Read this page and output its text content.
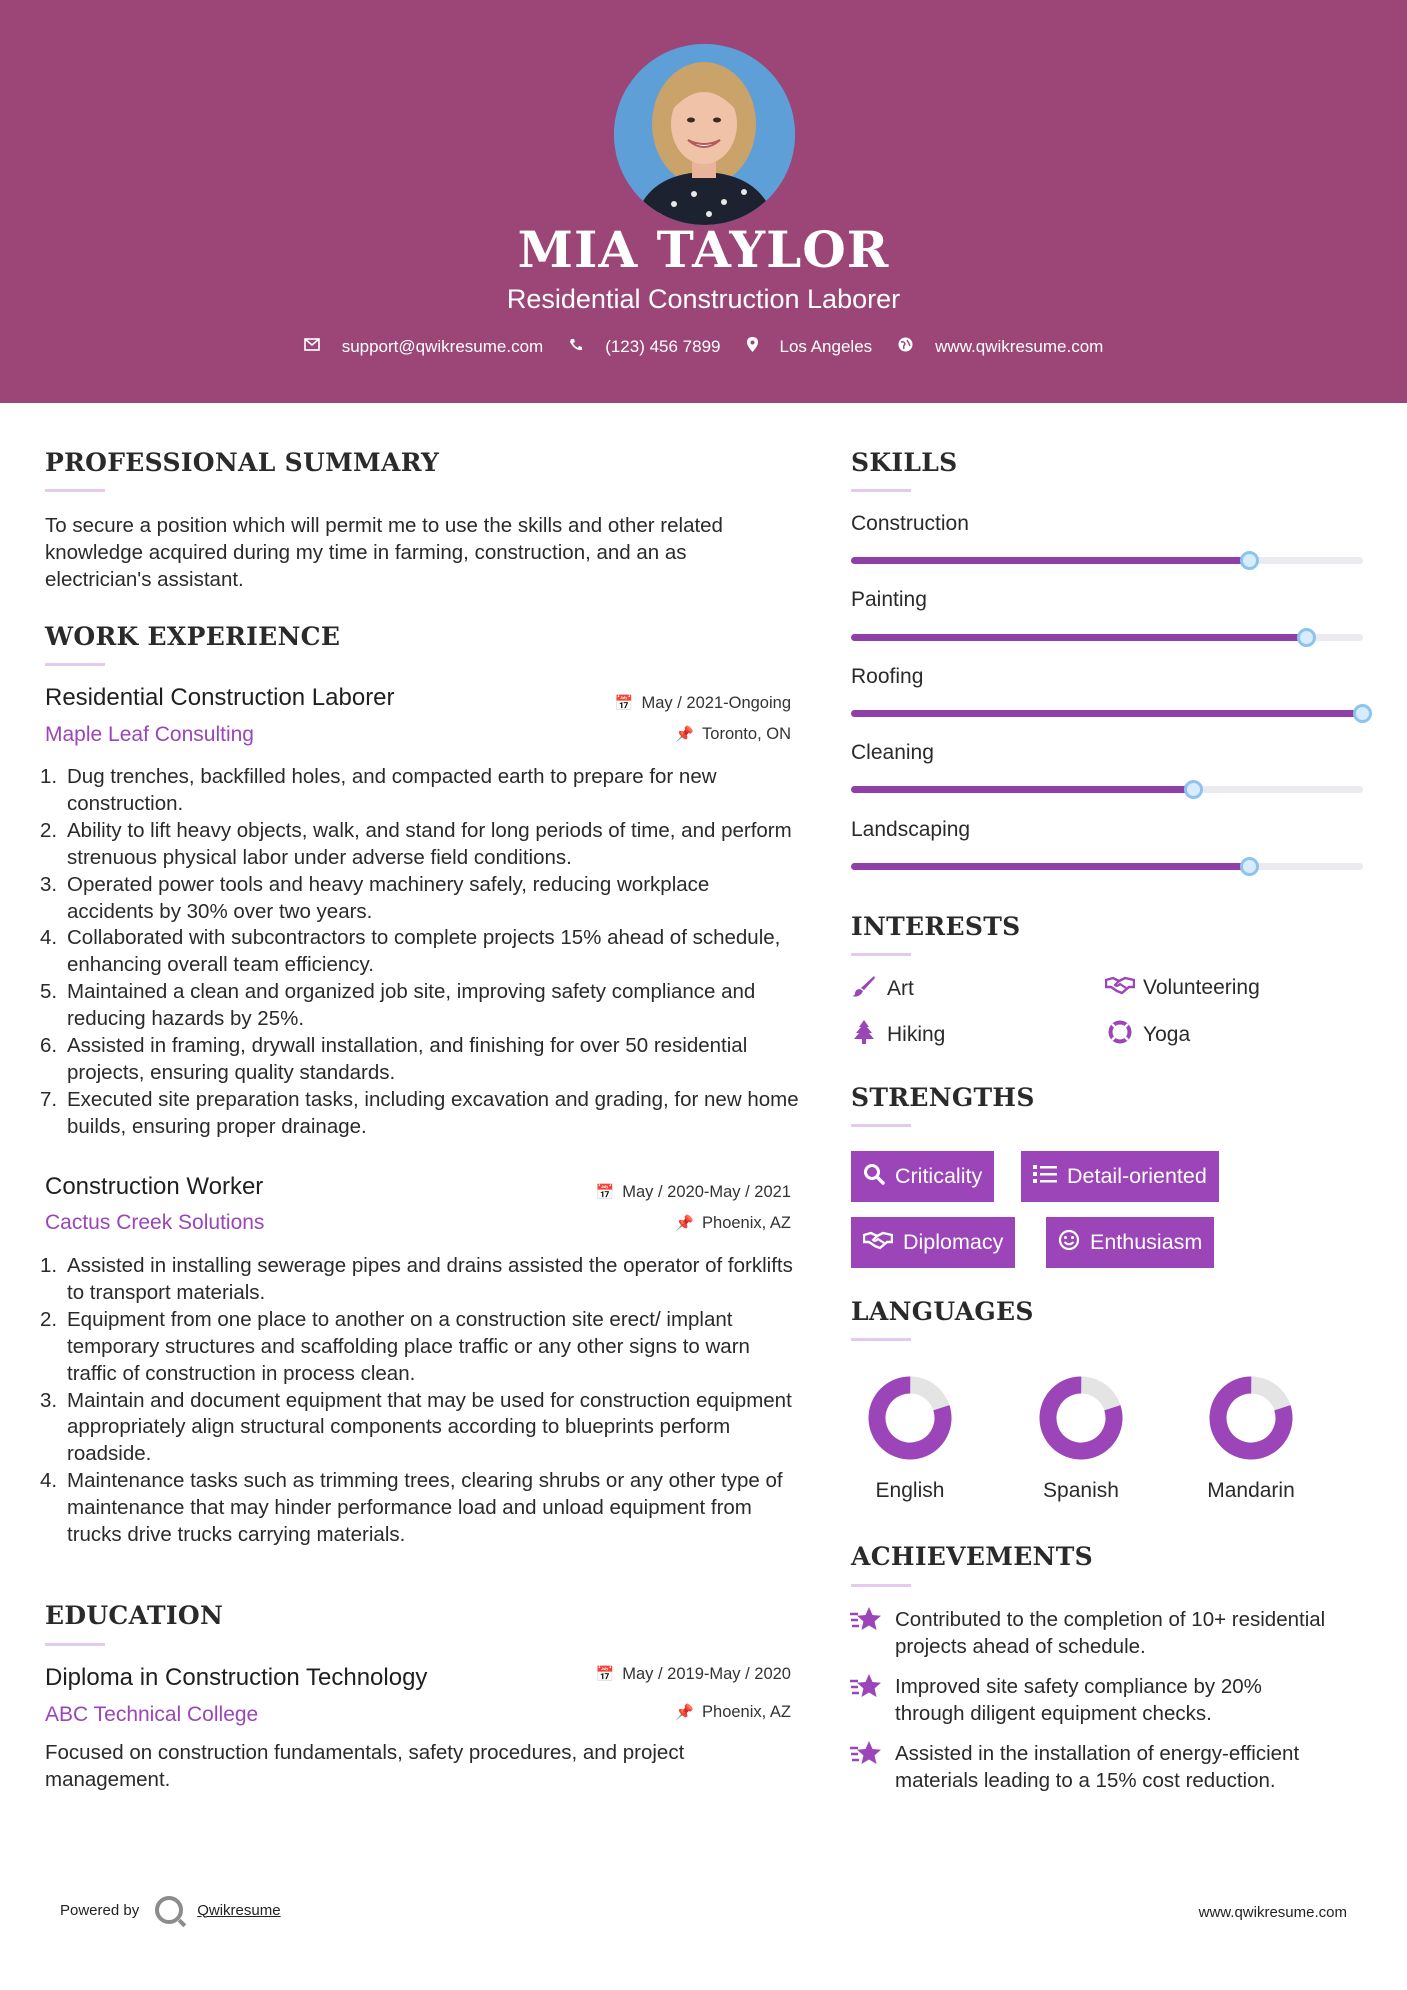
MIA TAYLOR
Residential Construction Laborer
support@qwikresume.com	(123) 456 7899	Los Angeles	www.qwikresume.com
PROFESSIONAL SUMMARY
To secure a position which will permit me to use the skills and other related knowledge acquired during my time in farming, construction, and an as electrician's assistant.
WORK EXPERIENCE
Residential Construction Laborer
Maple Leaf Consulting
📅 May / 2021-Ongoing
📌 Toronto, ON
1. Dug trenches, backfilled holes, and compacted earth to prepare for new construction.
2. Ability to lift heavy objects, walk, and stand for long periods of time, and perform strenuous physical labor under adverse field conditions.
3. Operated power tools and heavy machinery safely, reducing workplace accidents by 30% over two years.
4. Collaborated with subcontractors to complete projects 15% ahead of schedule, enhancing overall team efficiency.
5. Maintained a clean and organized job site, improving safety compliance and reducing hazards by 25%.
6. Assisted in framing, drywall installation, and finishing for over 50 residential projects, ensuring quality standards.
7. Executed site preparation tasks, including excavation and grading, for new home builds, ensuring proper drainage.
Construction Worker
Cactus Creek Solutions
📅 May / 2020-May / 2021
📌 Phoenix, AZ
1. Assisted in installing sewerage pipes and drains assisted the operator of forklifts to transport materials.
2. Equipment from one place to another on a construction site erect/ implant temporary structures and scaffolding place traffic or any other signs to warn traffic of construction in process clean.
3. Maintain and document equipment that may be used for construction equipment appropriately align structural components according to blueprints perform roadside.
4. Maintenance tasks such as trimming trees, clearing shrubs or any other type of maintenance that may hinder performance load and unload equipment from trucks drive trucks carrying materials.
EDUCATION
Diploma in Construction Technology
ABC Technical College
📅 May / 2019-May / 2020
📌 Phoenix, AZ
Focused on construction fundamentals, safety procedures, and project management.
SKILLS
Construction
Painting
Roofing
Cleaning
Landscaping
INTERESTS
Art	Volunteering
Hiking	Yoga
STRENGTHS
Criticality	Detail-oriented
Diplomacy	Enthusiasm
LANGUAGES
English	Spanish	Mandarin
ACHIEVEMENTS
Contributed to the completion of 10+ residential projects ahead of schedule.
Improved site safety compliance by 20% through diligent equipment checks.
Assisted in the installation of energy-efficient materials leading to a 15% cost reduction.
Powered by	Qwikresume	www.qwikresume.com
